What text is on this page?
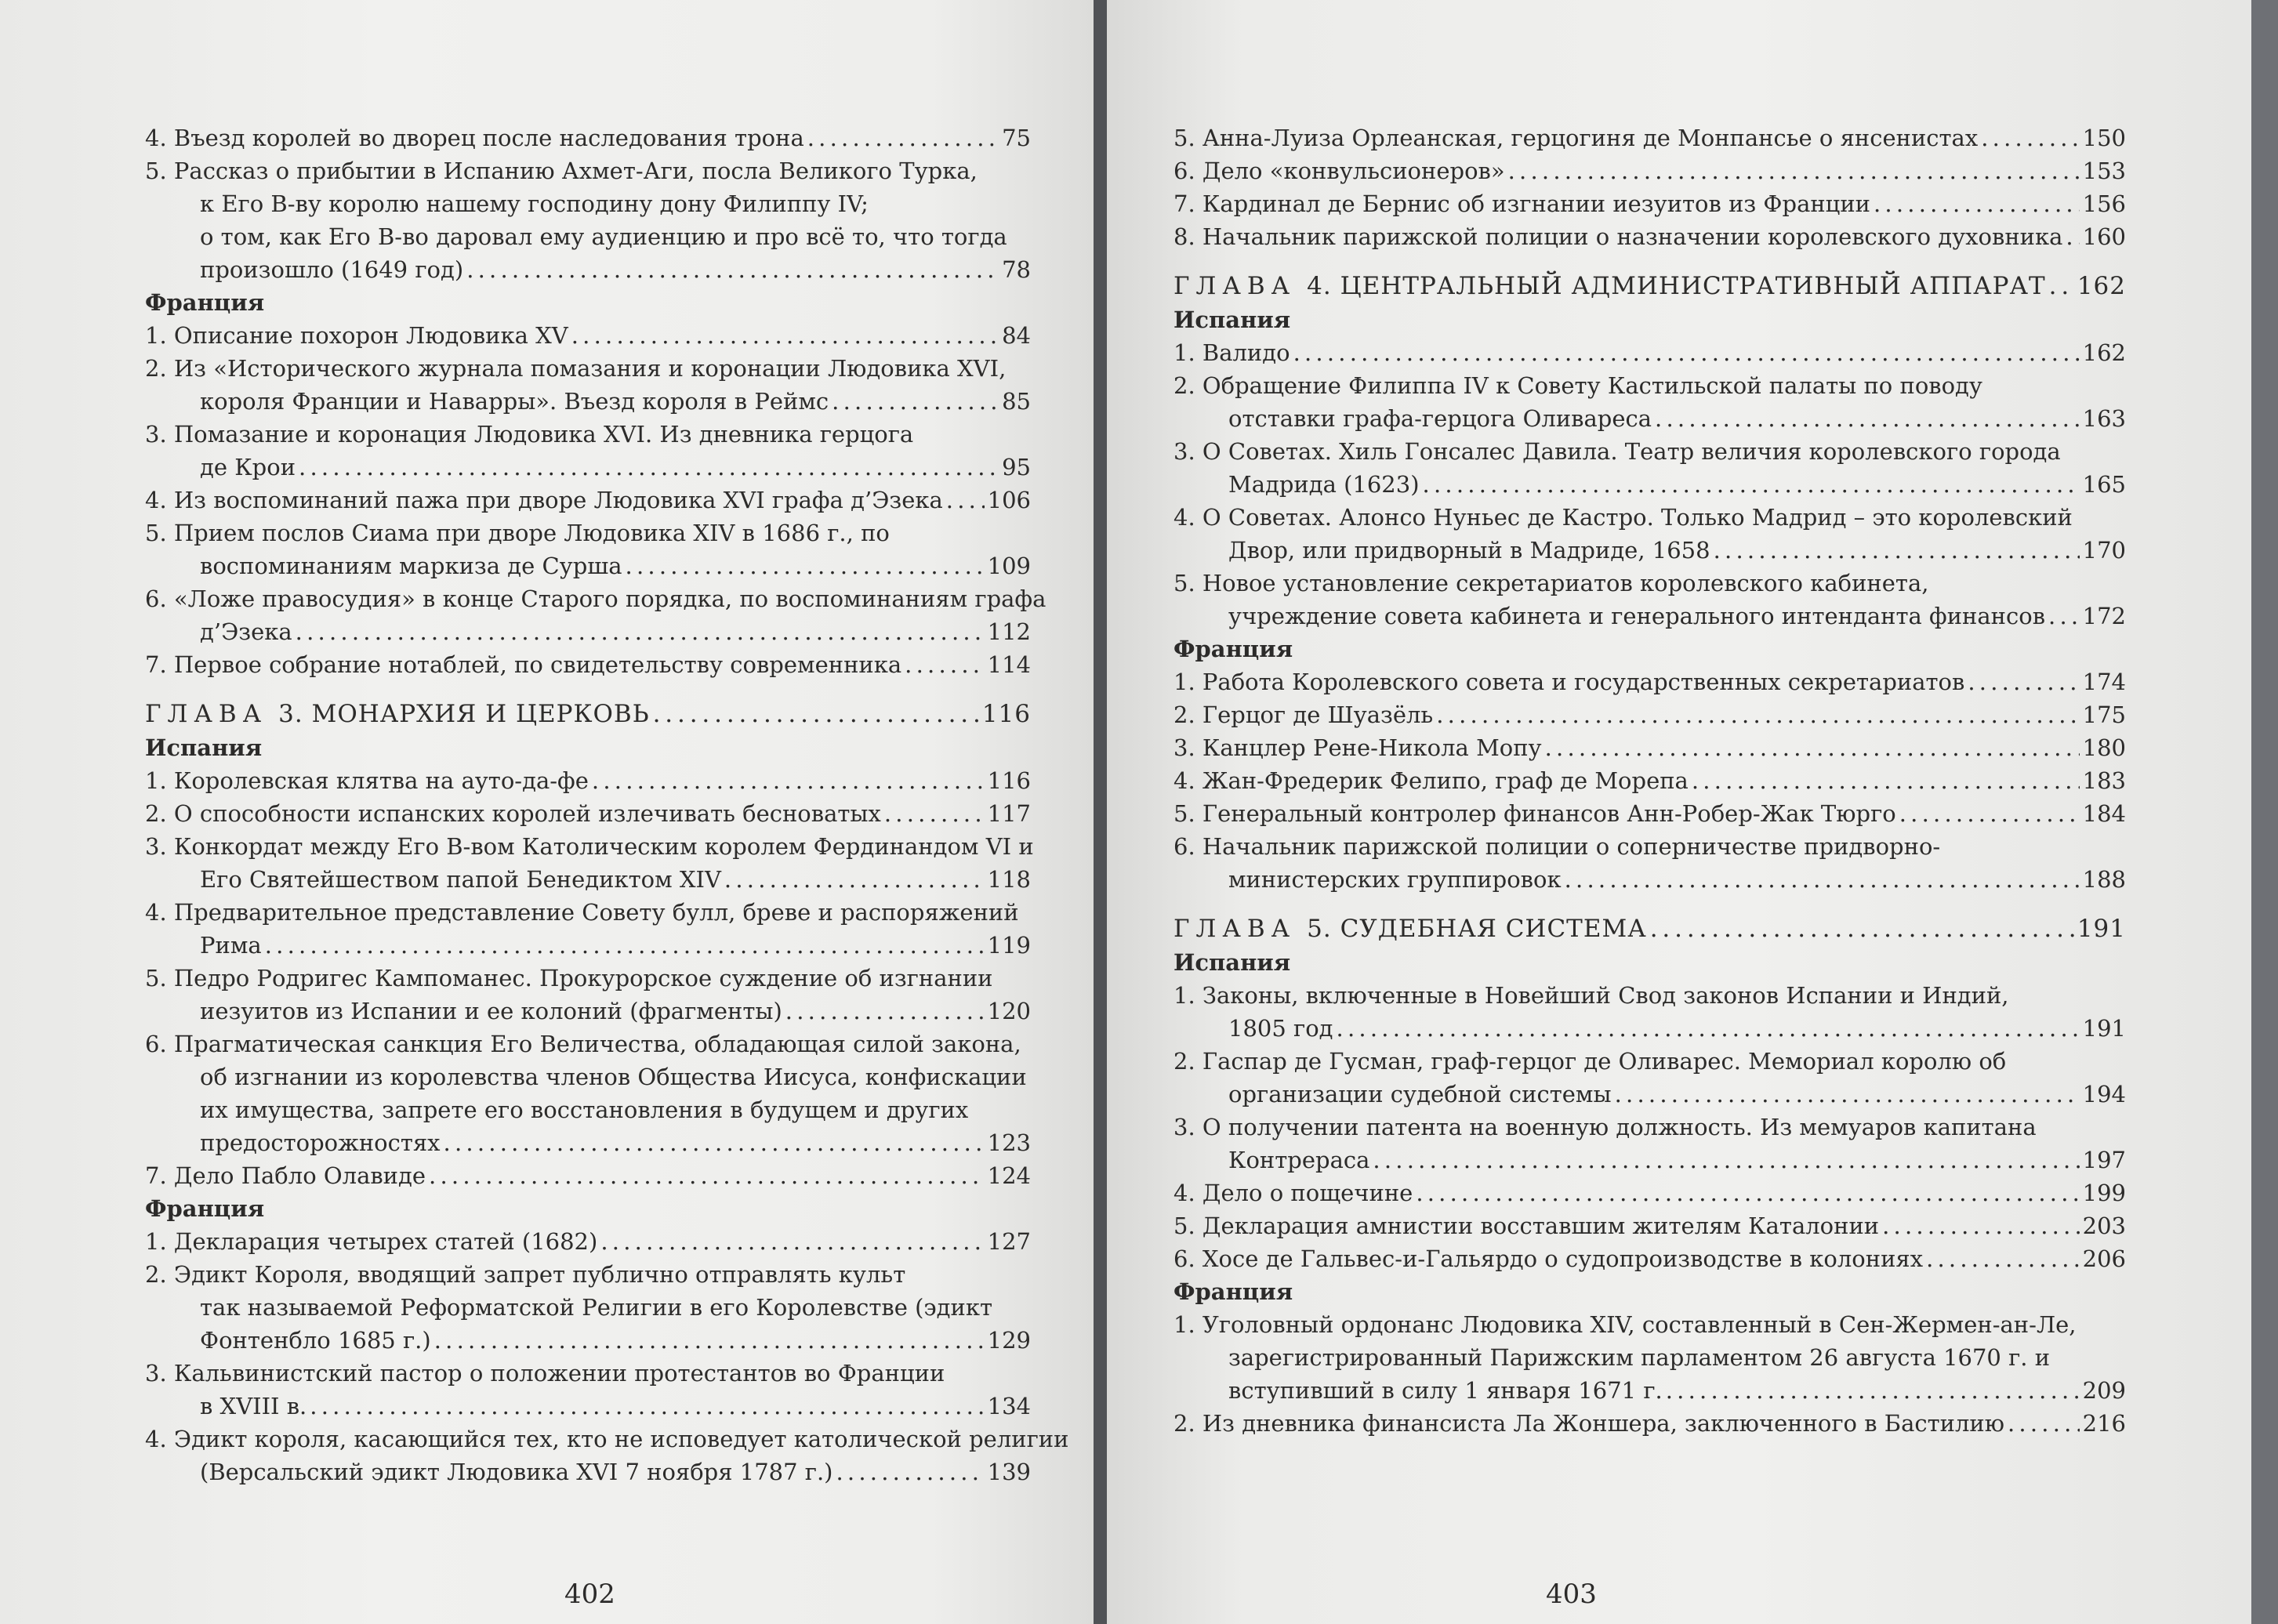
4. Въезд королей во дворец после наследования трона . . .	75
5. Рассказ о прибытии в Испанию Ахмет-Аги, посла Великого Турка,
к Его В-ву королю нашему господину дону Филиппу IV;
о том, как Его В-во даровал ему аудиенцию и про всё то, что тогда
произошло (1649 год) . . .	78
Франция
1. Описание похорон Людовика XV . . .	84
2. Из «Исторического журнала помазания и коронации Людовика XVI,
короля Франции и Наварры». Въезд короля в Реймс . . .	85
3. Помазание и коронация Людовика XVI. Из дневника герцога
де Крои . . .	95
4. Из воспоминаний пажа при дворе Людовика XVI графа д’Эзека . . . 106
5. Прием послов Сиама при дворе Людовика XIV в 1686 г., по
воспоминаниям маркиза де Сурша . . .	109
6. «Ложе правосудия» в конце Старого порядка, по воспоминаниям графа
д’Эзека . . .	112
7. Первое собрание нотаблей, по свидетельству современника . . .	114
ГЛАВА 3. МОНАРХИЯ И ЦЕРКОВЬ . . .	116
Испания
1. Королевская клятва на ауто-да-фе . . .	116
2. О способности испанских королей излечивать бесноватых . . .	117
3. Конкордат между Его В-вом Католическим королем Фердинандом VI и
Его Святейшеством папой Бенедиктом XIV . . .	118
4. Предварительное представление Совету булл, бреве и распоряжений
Рима . . .	119
5. Педро Родригес Кампоманес. Прокурорское суждение об изгнании
иезуитов из Испании и ее колоний (фрагменты) . . .	120
6. Прагматическая санкция Его Величества, обладающая силой закона,
об изгнании из королевства членов Общества Иисуса, конфискации
их имущества, запрете его восстановления в будущем и других
предосторожностях . . .	123
7. Дело Пабло Олавиде . . .	124
Франция
1. Декларация четырех статей (1682) . . .	127
2. Эдикт Короля, вводящий запрет публично отправлять культ
так называемой Реформатской Религии в его Королевстве (эдикт
Фонтенбло 1685 г.) . . .	129
3. Кальвинистский пастор о положении протестантов во Франции
в XVIII в. . . .	134
4. Эдикт короля, касающийся тех, кто не исповедует католической религии
(Версальский эдикт Людовика XVI 7 ноября 1787 г.) . . .	139
402
5. Анна-Луиза Орлеанская, герцогиня де Монпансье о янсенистах . . .	150
6. Дело «конвульсионеров» . . .	153
7. Кардинал де Бернис об изгнании иезуитов из Франции . . .	156
8. Начальник парижской полиции о назначении королевского духовника . . . 160
ГЛАВА 4. ЦЕНТРАЛЬНЫЙ АДМИНИСТРАТИВНЫЙ АППАРАТ . . . 162
Испания
1. Валидо . . .	162
2. Обращение Филиппа IV к Совету Кастильской палаты по поводу
отставки графа-герцога Оливареса . . .	163
3. О Советах. Хиль Гонсалес Давила. Театр величия королевского города
Мадрида (1623) . . .	165
4. О Советах. Алонсо Нуньес де Кастро. Только Мадрид – это королевский
Двор, или придворный в Мадриде, 1658 . . .	170
5. Новое установление секретариатов королевского кабинета,
учреждение совета кабинета и генерального интенданта финансов . . . 172
Франция
1. Работа Королевского совета и государственных секретариатов . . .	174
2. Герцог де Шуазёль . . .	175
3. Канцлер Рене-Никола Мопу . . .	180
4. Жан-Фредерик Фелипо, граф де Морепа . . .	183
5. Генеральный контролер финансов Анн-Робер-Жак Тюрго . . .	184
6. Начальник парижской полиции о соперничестве придворно-
министерских группировок . . .	188
ГЛАВА 5. СУДЕБНАЯ СИСТЕМА . . .	191
Испания
1. Законы, включенные в Новейший Свод законов Испании и Индий,
1805 год . . .	191
2. Гаспар де Гусман, граф-герцог де Оливарес. Мемориал королю об
организации судебной системы . . .	194
3. О получении патента на военную должность. Из мемуаров капитана
Контрераса . . .	197
4. Дело о пощечине . . .	199
5. Декларация амнистии восставшим жителям Каталонии . . .	203
6. Хосе де Гальвес-и-Гальярдо о судопроизводстве в колониях . . .	206
Франция
1. Уголовный ордонанс Людовика XIV, составленный в Сен-Жермен-ан-Ле,
зарегистрированный Парижским парламентом 26 августа 1670 г. и
вступивший в силу 1 января 1671 г. . . .	209
2. Из дневника финансиста Ла Жоншера, заключенного в Бастилию . . .	216
403
